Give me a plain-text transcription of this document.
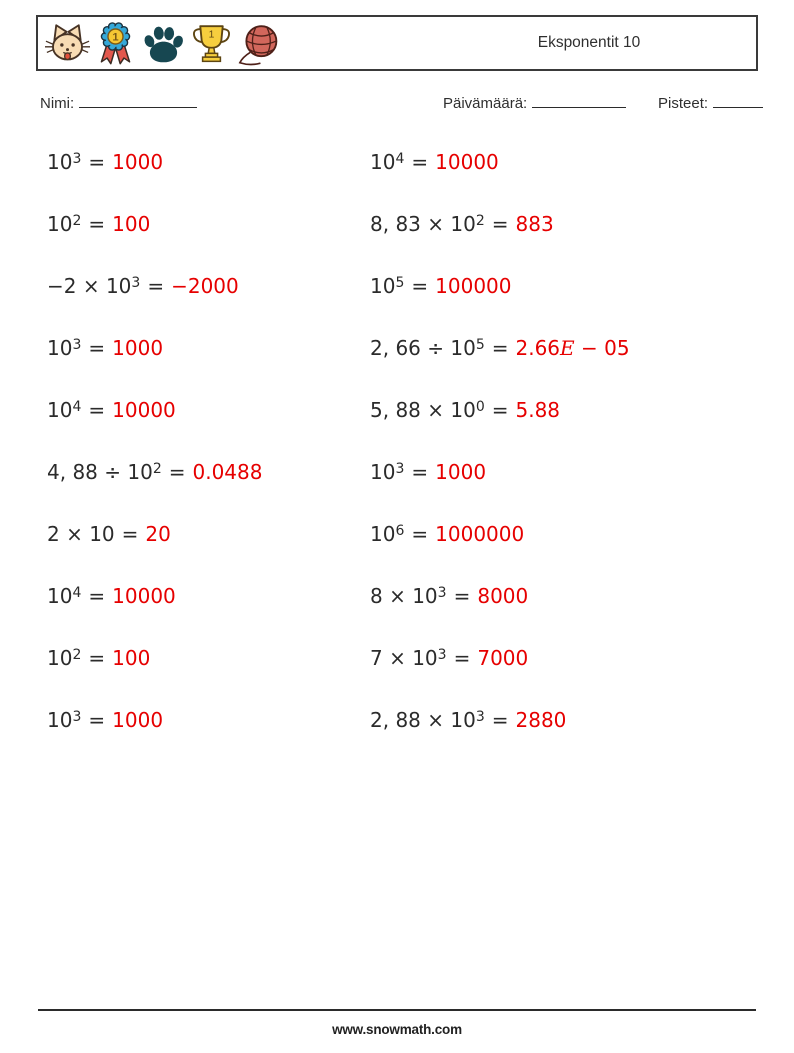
1	1	Eksponentit 10
Nimi:	Päivämäärä:	Pisteet:
$10^3 = 1000$
$10^2 = 100$
$-2 \times 10^3 = -2000$
$10^3 = 1000$
$10^4 = 10000$
4, $88 \div 10^2 = 0.0488$
2 × 10 = 20
$10^4 = 10000$
$10^2 = 100$
$10^3 = 1000$
$10^4 = 10000$
8, $83 \times 10^2 = 883$
$10^5 = 100000$
2, $66 \div 10^5 = 2.66E - 05$
5, $88 \times 10^0 = 5.88$
$10^3 = 1000$
$10^6 = 1000000$
$8 \times 10^3 = 8000$
$7 \times 10^3 = 7000$
2, $88 \times 10^3 = 2880$
www.snowmath.com
